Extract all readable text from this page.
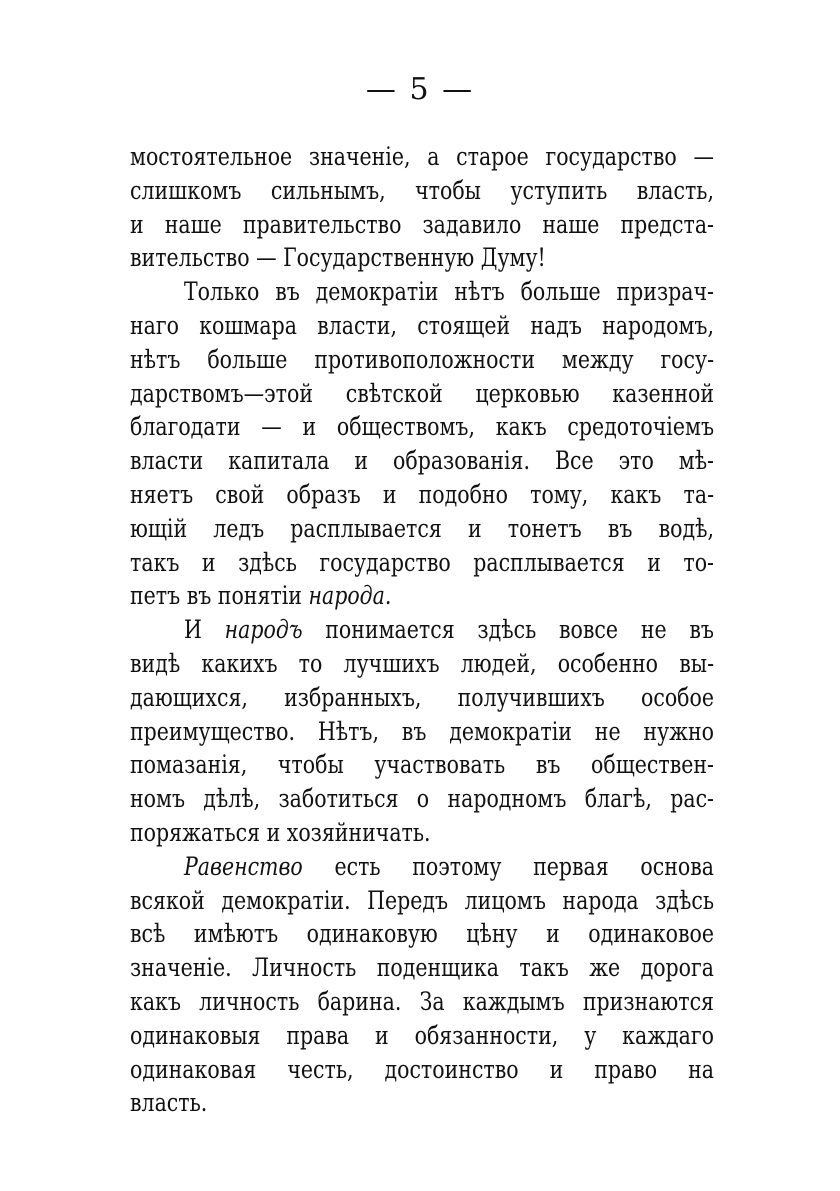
— 5 —
мостоятельное значеніе, а старое государство —
слишкомъ сильнымъ, чтобы уступить власть,
и наше правительство задавило наше предста-
вительство — Государственную Думу!
Только въ демократіи нѣтъ больше призрач-
наго кошмара власти, стоящей надъ народомъ,
нѣтъ больше противоположности между госу-
дарствомъ—этой свѣтской церковью казенной
благодати — и обществомъ, какъ средоточіемъ
власти капитала и образованія. Все это мѣ-
няетъ свой образъ и подобно тому, какъ та-
ющій ледъ расплывается и тонетъ въ водѣ,
такъ и здѣсь государство расплывается и то-
петъ въ понятіи народа.
И народъ понимается здѣсь вовсе не въ
видѣ какихъ то лучшихъ людей, особенно вы-
дающихся, избранныхъ, получившихъ особое
преимущество. Нѣтъ, въ демократіи не нужно
помазанія, чтобы участвовать въ обществен-
номъ дѣлѣ, заботиться о народномъ благѣ, рас-
поряжаться и хозяйничать.
Равенство есть поэтому первая основа
всякой демократіи. Передъ лицомъ народа здѣсь
всѣ имѣютъ одинаковую цѣну и одинаковое
значеніе. Личность поденщика такъ же дорога
какъ личность барина. За каждымъ признаются
одинаковыя права и обязанности, у каждаго
одинаковая честь, достоинство и право на
власть.
